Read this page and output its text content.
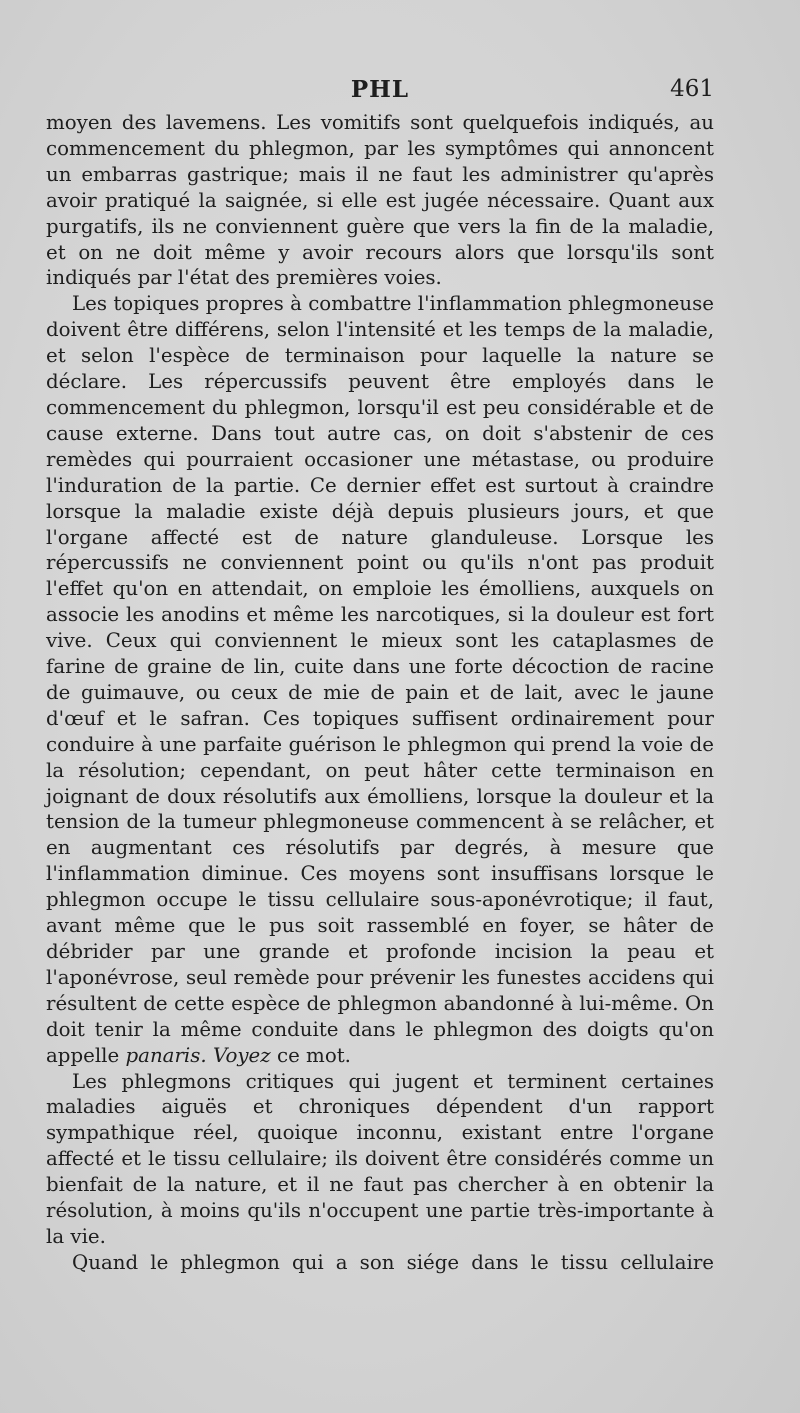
PHL	461

moyen des lavemens. Les vomitifs sont quelquefois indiqués, au commencement du phlegmon, par les symptômes qui annoncent un embarras gastrique; mais il ne faut les administrer qu'après avoir pratiqué la saignée, si elle est jugée nécessaire. Quant aux purgatifs, ils ne conviennent guère que vers la fin de la maladie, et on ne doit même y avoir recours alors que lorsqu'ils sont indiqués par l'état des premières voies.

Les topiques propres à combattre l'inflammation phlegmoneuse doivent être différens, selon l'intensité et les temps de la maladie, et selon l'espèce de terminaison pour laquelle la nature se déclare. Les répercussifs peuvent être employés dans le commencement du phlegmon, lorsqu'il est peu considérable et de cause externe. Dans tout autre cas, on doit s'abstenir de ces remèdes qui pourraient occasioner une métastase, ou produire l'induration de la partie. Ce dernier effet est surtout à craindre lorsque la maladie existe déjà depuis plusieurs jours, et que l'organe affecté est de nature glanduleuse. Lorsque les répercussifs ne conviennent point ou qu'ils n'ont pas produit l'effet qu'on en attendait, on emploie les émolliens, auxquels on associe les anodins et même les narcotiques, si la douleur est fort vive. Ceux qui conviennent le mieux sont les cataplasmes de farine de graine de lin, cuite dans une forte décoction de racine de guimauve, ou ceux de mie de pain et de lait, avec le jaune d'œuf et le safran. Ces topiques suffisent ordinairement pour conduire à une parfaite guérison le phlegmon qui prend la voie de la résolution; cependant, on peut hâter cette terminaison en joignant de doux résolutifs aux émolliens, lorsque la douleur et la tension de la tumeur phlegmoneuse commencent à se relâcher, et en augmentant ces résolutifs par degrés, à mesure que l'inflammation diminue. Ces moyens sont insuffisans lorsque le phlegmon occupe le tissu cellulaire sous-aponévrotique; il faut, avant même que le pus soit rassemblé en foyer, se hâter de débrider par une grande et profonde incision la peau et l'aponévrose, seul remède pour prévenir les funestes accidens qui résultent de cette espèce de phlegmon abandonné à lui-même. On doit tenir la même conduite dans le phlegmon des doigts qu'on appelle panaris. Voyez ce mot.

Les phlegmons critiques qui jugent et terminent certaines maladies aiguës et chroniques dépendent d'un rapport sympathique réel, quoique inconnu, existant entre l'organe affecté et le tissu cellulaire; ils doivent être considérés comme un bienfait de la nature, et il ne faut pas chercher à en obtenir la résolution, à moins qu'ils n'occupent une partie très-importante à la vie.

Quand le phlegmon qui a son siége dans le tissu cellulaire
